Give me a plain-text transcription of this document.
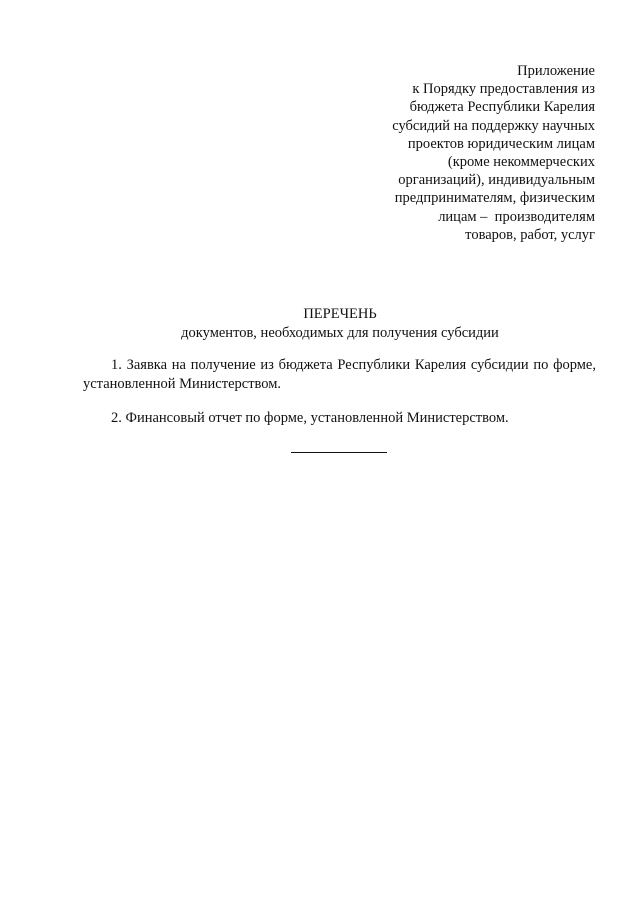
Приложение
к Порядку предоставления из
бюджета Республики Карелия
субсидий на поддержку научных
проектов юридическим лицам
(кроме некоммерческих
организаций), индивидуальным
предпринимателям, физическим
лицам –  производителям
товаров, работ, услуг
ПЕРЕЧЕНЬ
документов, необходимых для получения субсидии

1. Заявка на получение из бюджета Республики Карелия субсидии по форме, установленной Министерством.

2. Финансовый отчет по форме, установленной Министерством.
